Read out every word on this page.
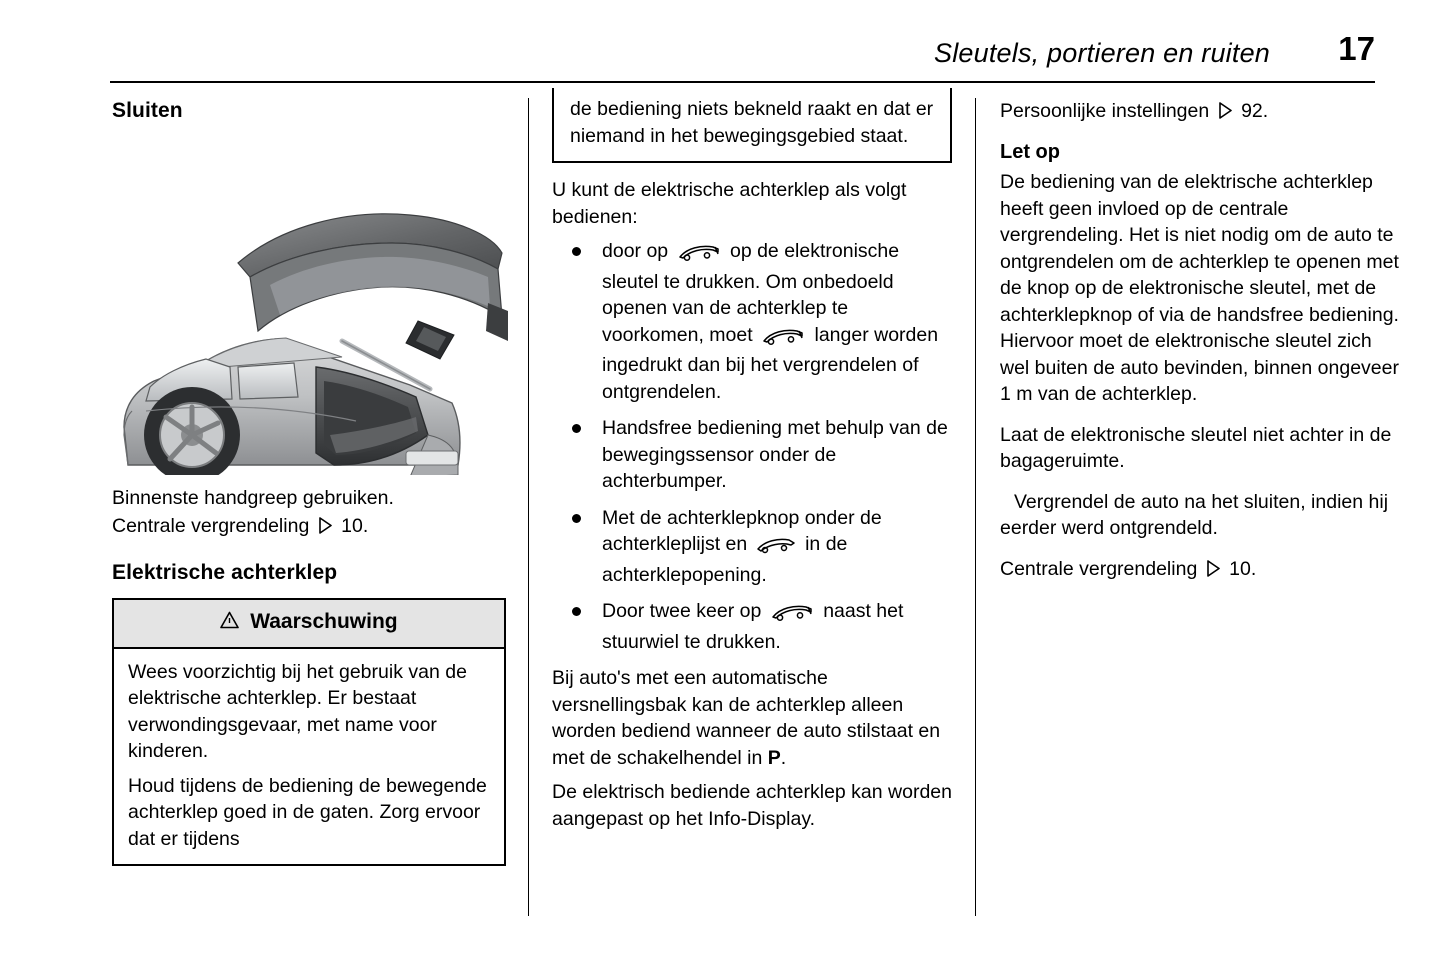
Sleutels, portieren en ruiten 17
Sluiten

Binnenste handgreep gebruiken.

Centrale vergrendeling 10.

Elektrische achterklep
Waarschuwing

Wees voorzichtig bij het gebruik van de elektrische achterklep. Er bestaat verwondingsgevaar, met name voor kinderen.

Houd tijdens de bediening de bewegende achterklep goed in de gaten. Zorg ervoor dat er tijdens

de bediening niets bekneld raakt en dat er niemand in het bewegingsgebied staat.

U kunt de elektrische achterklep als volgt bedienen:

door op	op de elektronische sleutel te drukken. Om onbedoeld openen van de achterklep te voorkomen, moet	langer worden ingedrukt dan bij het vergrendelen of ontgrendelen.
Handsfree bediening met behulp van de bewegingssensor onder de achterbumper.
Met de achterklepknop onder de achterkleplijst en	in de achterklepopening.
Door twee keer op	naast het stuurwiel te drukken.

Bij auto's met een automatische versnellingsbak kan de achterklep alleen worden bediend wanneer de auto stilstaat en met de schakelhendel in P.

De elektrisch bediende achterklep kan worden aangepast op het Info-Display.

Persoonlijke instellingen 92.

Let op

De bediening van de elektrische achterklep heeft geen invloed op de centrale vergrendeling. Het is niet nodig om de auto te ontgrendelen om de achterklep te openen met de knop op de elektronische sleutel, met de achterklepknop of via de handsfree bediening. Hiervoor moet de elektronische sleutel zich wel buiten de auto bevinden, binnen ongeveer 1 m van de achterklep.

Laat de elektronische sleutel niet achter in de bagageruimte.

Vergrendel de auto na het sluiten, indien hij eerder werd ontgrendeld.

Centrale vergrendeling 10.
